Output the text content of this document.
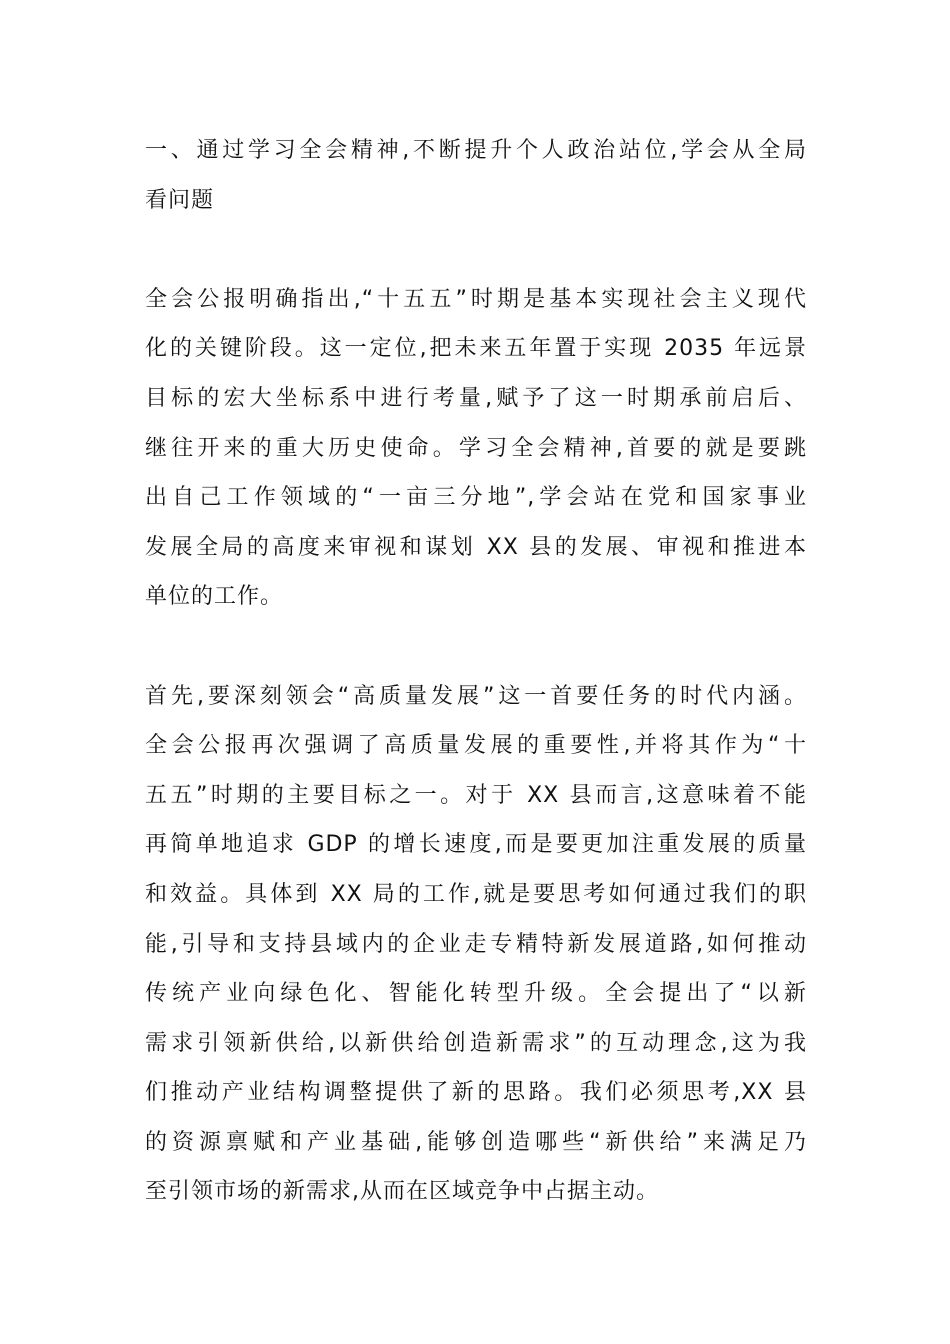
一、通过学习全会精神,不断提升个人政治站位,学会从全局
看问题
全会公报明确指出,“十五五”时期是基本实现社会主义现代
化的关键阶段。这一定位,把未来五年置于实现 2035 年远景
目标的宏大坐标系中进行考量,赋予了这一时期承前启后、
继往开来的重大历史使命。学习全会精神,首要的就是要跳
出自己工作领域的“一亩三分地”,学会站在党和国家事业
发展全局的高度来审视和谋划 XX 县的发展、审视和推进本
单位的工作。
首先,要深刻领会“高质量发展”这一首要任务的时代内涵。
全会公报再次强调了高质量发展的重要性,并将其作为“十
五五”时期的主要目标之一。对于 XX 县而言,这意味着不能
再简单地追求 GDP 的增长速度,而是要更加注重发展的质量
和效益。具体到 XX 局的工作,就是要思考如何通过我们的职
能,引导和支持县域内的企业走专精特新发展道路,如何推动
传统产业向绿色化、智能化转型升级。全会提出了“以新
需求引领新供给,以新供给创造新需求”的互动理念,这为我
们推动产业结构调整提供了新的思路。我们必须思考,XX 县
的资源禀赋和产业基础,能够创造哪些“新供给”来满足乃
至引领市场的新需求,从而在区域竞争中占据主动。
